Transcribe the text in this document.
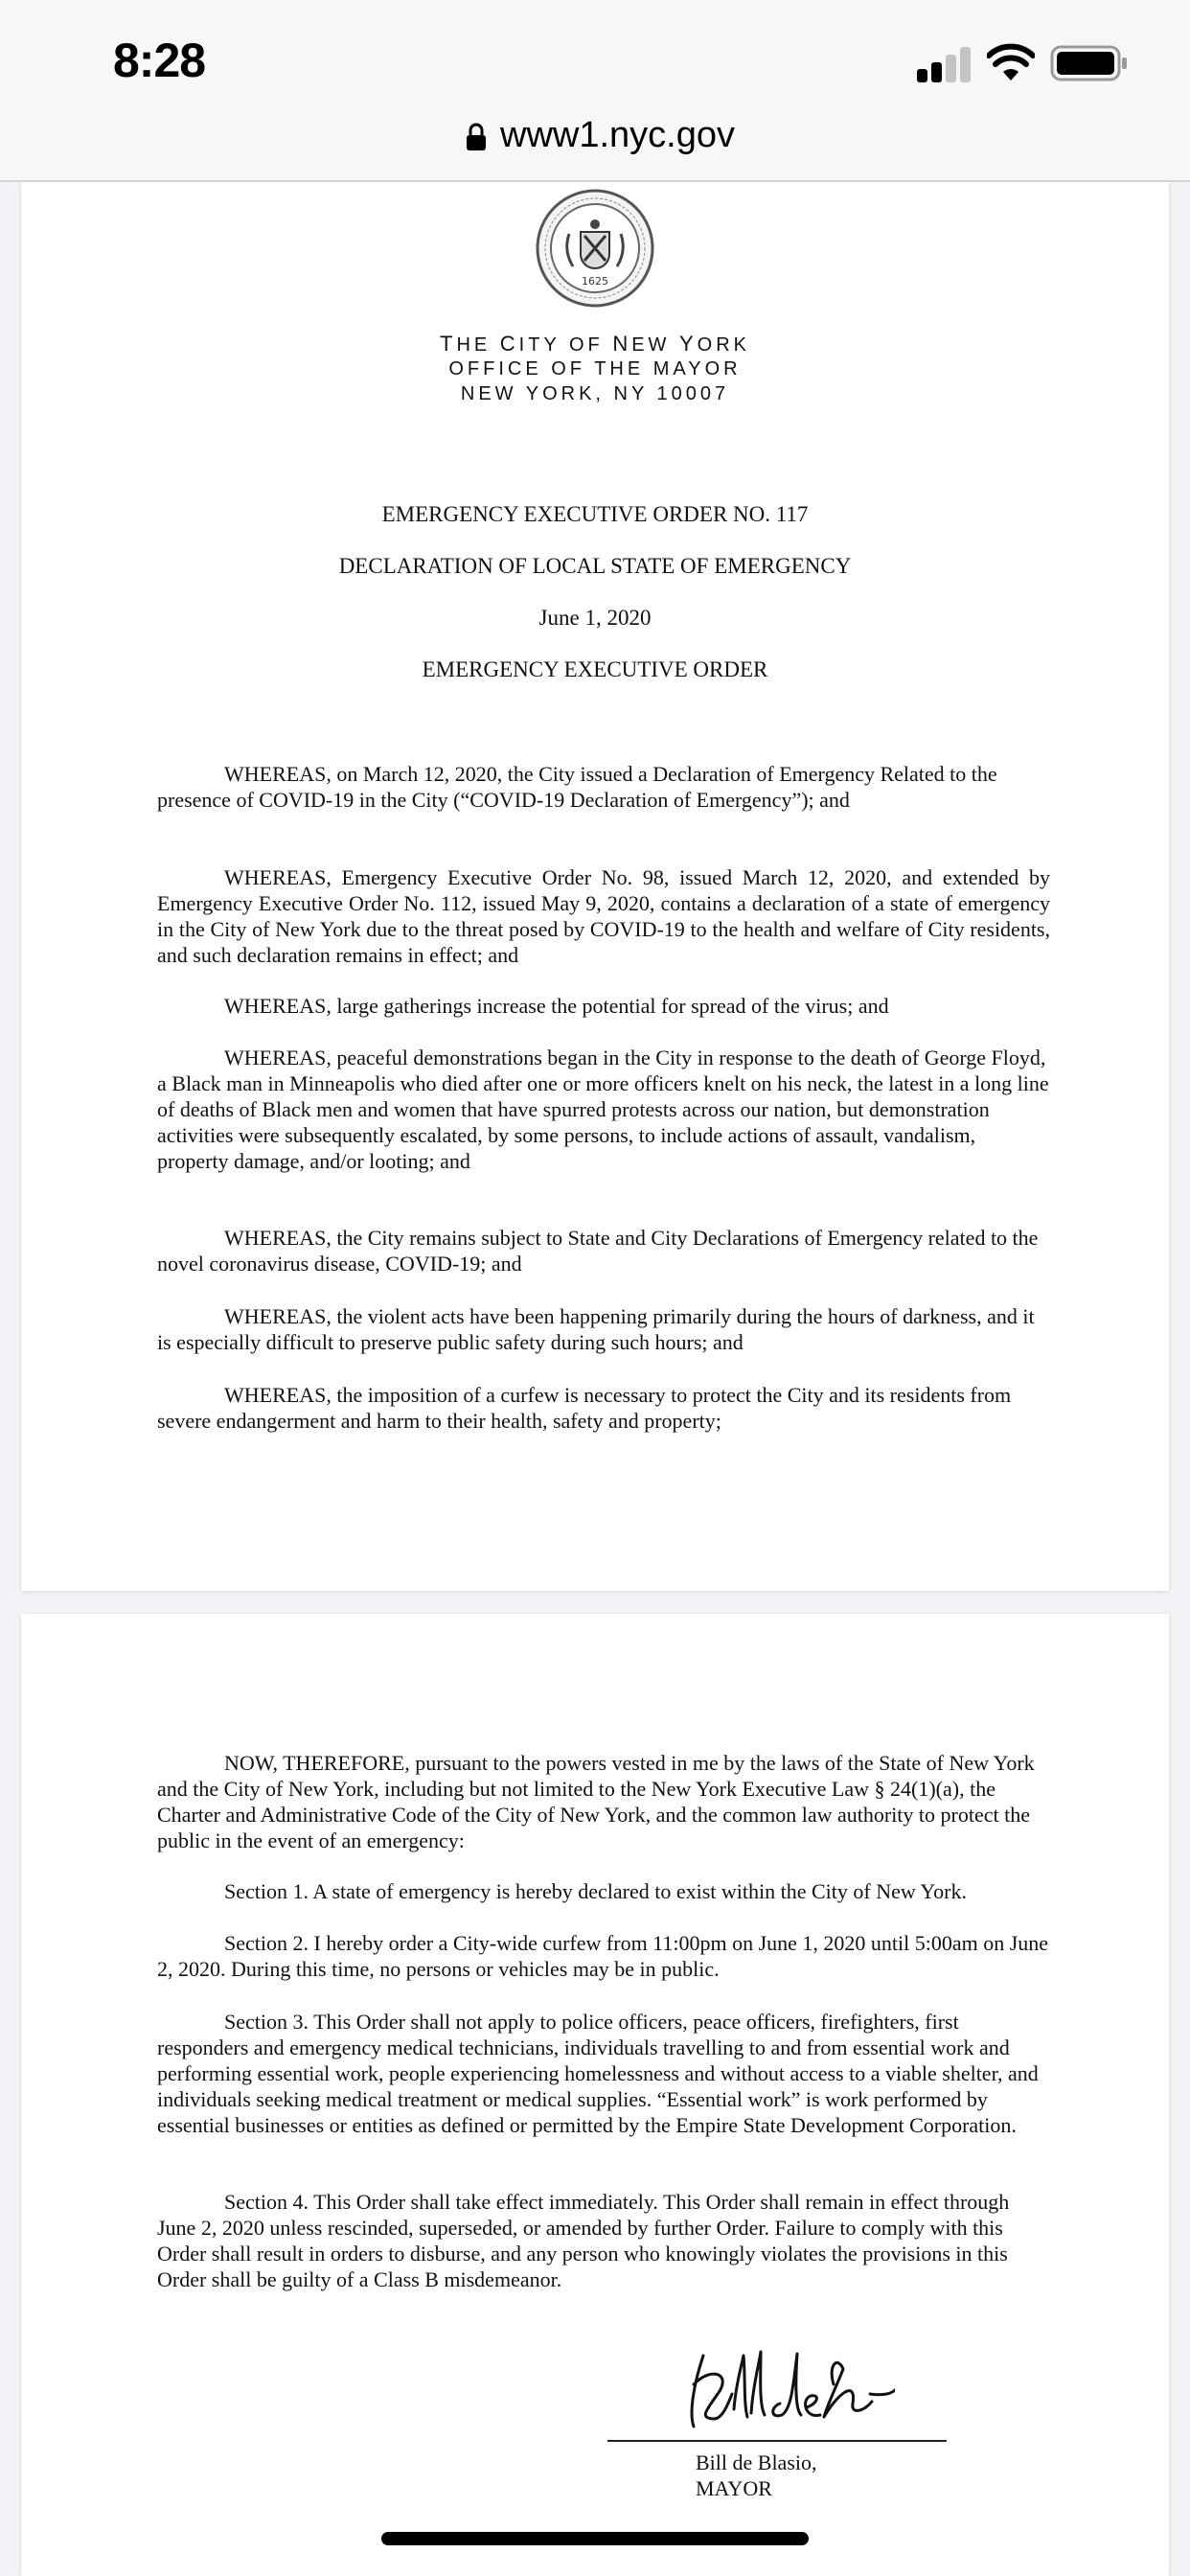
8:28
www1.nyc.gov
1625
THE CITY OF NEW YORK
OFFICE OF THE MAYOR
NEW YORK, NY 10007
EMERGENCY EXECUTIVE ORDER NO. 117
DECLARATION OF LOCAL STATE OF EMERGENCY
June 1, 2020
EMERGENCY EXECUTIVE ORDER
WHEREAS, on March 12, 2020, the City issued a Declaration of Emergency Related to the presence of COVID-19 in the City (“COVID-19 Declaration of Emergency”); and
WHEREAS, Emergency Executive Order No. 98, issued March 12, 2020, and extended by Emergency Executive Order No. 112, issued May 9, 2020, contains a declaration of a state of emergency in the City of New York due to the threat posed by COVID-19 to the health and welfare of City residents, and such declaration remains in effect; and
WHEREAS, large gatherings increase the potential for spread of the virus; and
WHEREAS, peaceful demonstrations began in the City in response to the death of George Floyd, a Black man in Minneapolis who died after one or more officers knelt on his neck, the latest in a long line of deaths of Black men and women that have spurred protests across our nation, but demonstration activities were subsequently escalated, by some persons, to include actions of assault, vandalism, property damage, and/or looting; and
WHEREAS, the City remains subject to State and City Declarations of Emergency related to the novel coronavirus disease, COVID-19; and
WHEREAS, the violent acts have been happening primarily during the hours of darkness, and it is especially difficult to preserve public safety during such hours; and
WHEREAS, the imposition of a curfew is necessary to protect the City and its residents from severe endangerment and harm to their health, safety and property;
NOW, THEREFORE, pursuant to the powers vested in me by the laws of the State of New York and the City of New York, including but not limited to the New York Executive Law § 24(1)(a), the Charter and Administrative Code of the City of New York, and the common law authority to protect the public in the event of an emergency:
Section 1. A state of emergency is hereby declared to exist within the City of New York.
Section 2. I hereby order a City-wide curfew from 11:00pm on June 1, 2020 until 5:00am on June 2, 2020. During this time, no persons or vehicles may be in public.
Section 3. This Order shall not apply to police officers, peace officers, firefighters, first responders and emergency medical technicians, individuals travelling to and from essential work and performing essential work, people experiencing homelessness and without access to a viable shelter, and individuals seeking medical treatment or medical supplies. “Essential work” is work performed by essential businesses or entities as defined or permitted by the Empire State Development Corporation.
Section 4. This Order shall take effect immediately. This Order shall remain in effect through June 2, 2020 unless rescinded, superseded, or amended by further Order. Failure to comply with this Order shall result in orders to disburse, and any person who knowingly violates the provisions in this Order shall be guilty of a Class B misdemeanor.
Bill de Blasio,
MAYOR
